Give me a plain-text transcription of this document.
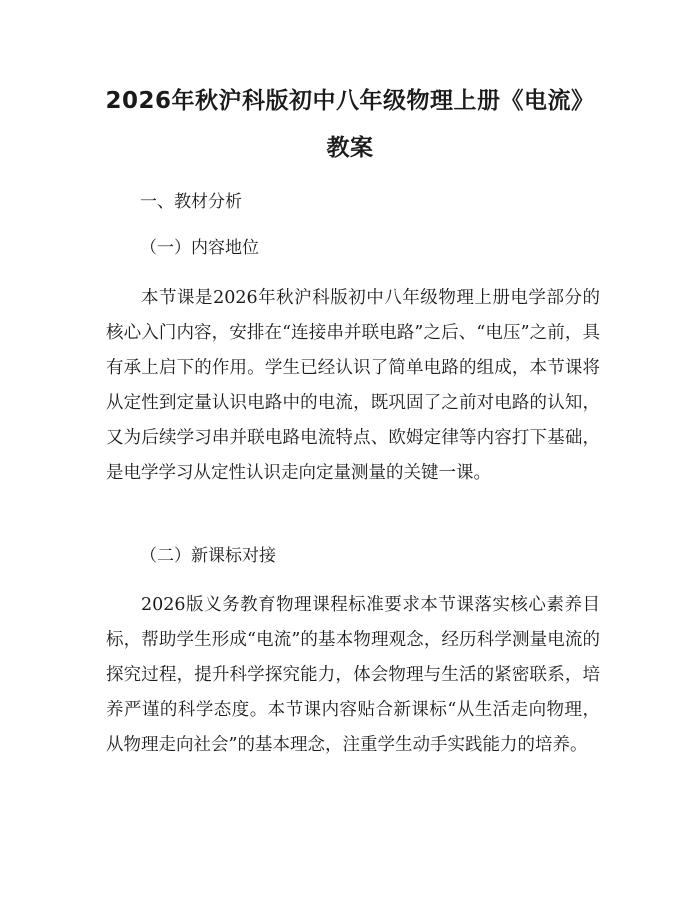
2026年秋沪科版初中八年级物理上册《电流》教案

一、教材分析

（一）内容地位

本节课是2026年秋沪科版初中八年级物理上册电学部分的核心入门内容，安排在“连接串并联电路”之后、“电压”之前，具有承上启下的作用。学生已经认识了简单电路的组成，本节课将从定性到定量认识电路中的电流，既巩固了之前对电路的认知，又为后续学习串并联电路电流特点、欧姆定律等内容打下基础，是电学学习从定性认识走向定量测量的关键一课。

（二）新课标对接

2026版义务教育物理课程标准要求本节课落实核心素养目标，帮助学生形成“电流”的基本物理观念，经历科学测量电流的探究过程，提升科学探究能力，体会物理与生活的紧密联系，培养严谨的科学态度。本节课内容贴合新课标“从生活走向物理，从物理走向社会”的基本理念，注重学生动手实践能力的培养。
